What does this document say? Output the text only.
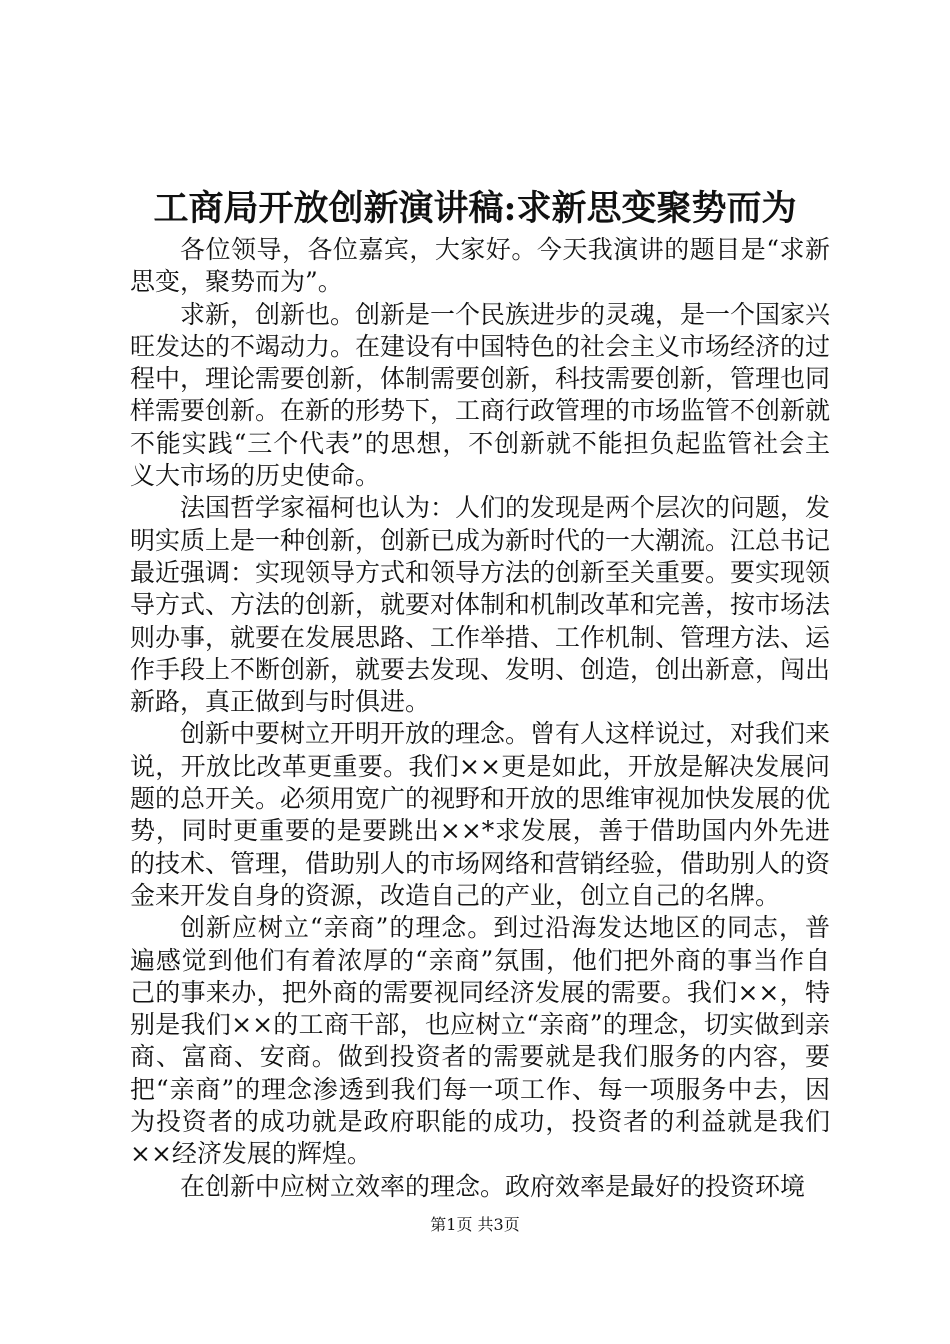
工商局开放创新演讲稿:求新思变聚势而为

各位领导，各位嘉宾，大家好。今天我演讲的题目是“求新思变，聚势而为”。

求新，创新也。创新是一个民族进步的灵魂，是一个国家兴旺发达的不竭动力。在建设有中国特色的社会主义市场经济的过程中，理论需要创新，体制需要创新，科技需要创新，管理也同样需要创新。在新的形势下，工商行政管理的市场监管不创新就不能实践“三个代表”的思想，不创新就不能担负起监管社会主义大市场的历史使命。

法国哲学家福柯也认为：人们的发现是两个层次的问题，发明实质上是一种创新，创新已成为新时代的一大潮流。江总书记最近强调：实现领导方式和领导方法的创新至关重要。要实现领导方式、方法的创新，就要对体制和机制改革和完善，按市场法则办事，就要在发展思路、工作举措、工作机制、管理方法、运作手段上不断创新，就要去发现、发明、创造，创出新意，闯出新路，真正做到与时俱进。

创新中要树立开明开放的理念。曾有人这样说过，对我们来说，开放比改革更重要。我们××更是如此，开放是解决发展问题的总开关。必须用宽广的视野和开放的思维审视加快发展的优势，同时更重要的是要跳出××*求发展，善于借助国内外先进的技术、管理，借助别人的市场网络和营销经验，借助别人的资金来开发自身的资源，改造自己的产业，创立自己的名牌。

创新应树立“亲商”的理念。到过沿海发达地区的同志，普遍感觉到他们有着浓厚的“亲商”氛围，他们把外商的事当作自己的事来办，把外商的需要视同经济发展的需要。我们××，特别是我们××的工商干部，也应树立“亲商”的理念，切实做到亲商、富商、安商。做到投资者的需要就是我们服务的内容，要把“亲商”的理念渗透到我们每一项工作、每一项服务中去，因为投资者的成功就是政府职能的成功，投资者的利益就是我们××经济发展的辉煌。

在创新中应树立效率的理念。政府效率是最好的投资环境

第1页 共3页
